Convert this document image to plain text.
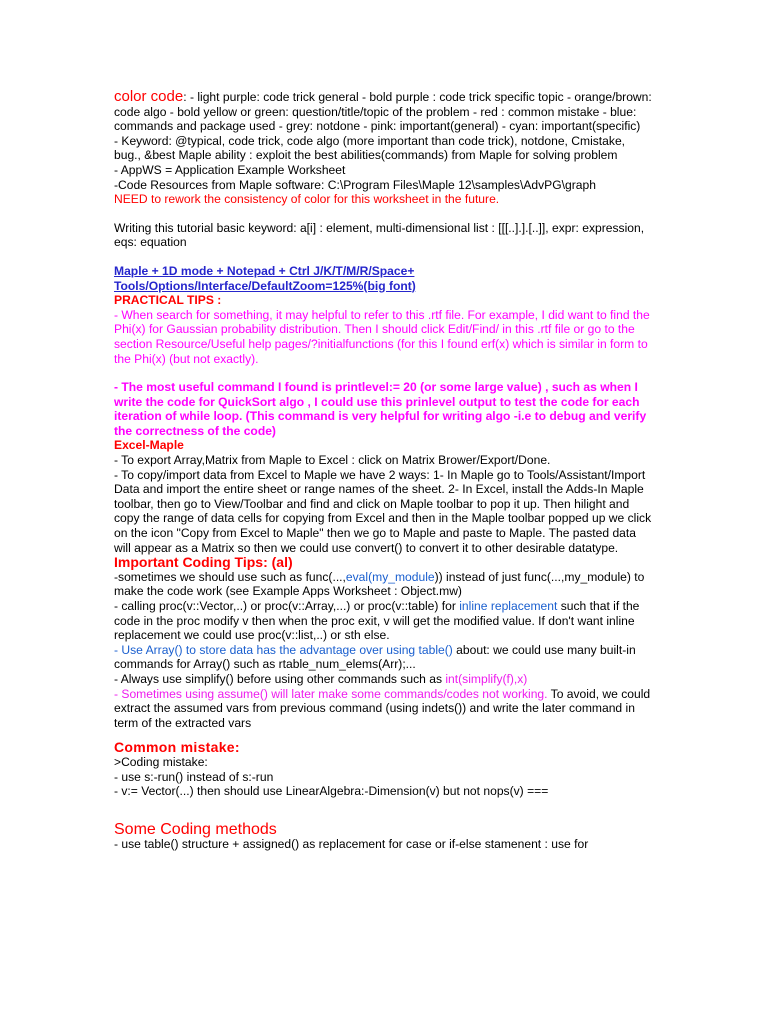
color code: - light purple: code trick general - bold purple : code trick specific topic - orange/brown: code algo - bold yellow or green: question/title/topic of the problem - red : common mistake - blue: commands and package used - grey: notdone - pink: important(general) - cyan: important(specific)

- Keyword: @typical, code trick, code algo (more important than code trick), notdone, Cmistake, bug., &best Maple ability : exploit the best abilities(commands) from Maple for solving problem

- AppWS = Application Example Worksheet

-Code Resources from Maple software: C:\Program Files\Maple 12\samples\AdvPG\graph

NEED to rework the consistency of color for this worksheet in the future.

Writing this tutorial basic keyword: a[i] : element, multi-dimensional list : [[[..].].[..]], expr: expression, eqs: equation

Maple + 1D mode + Notepad + Ctrl J/K/T/M/R/Space+ Tools/Options/Interface/DefaultZoom=125%(big font)

PRACTICAL TIPS :

- When search for something, it may helpful to refer to this .rtf file. For example, I did want to find the Phi(x) for Gaussian probability distribution. Then I should click Edit/Find/ in this .rtf file or go to the section Resource/Useful help pages/?initialfunctions (for this I found erf(x) which is similar in form to the Phi(x) (but not exactly).

- The most useful command I found is printlevel:= 20 (or some large value) , such as when I write the code for QuickSort algo , I could use this prinlevel output to test the code for each iteration of while loop. (This command is very helpful for writing algo -i.e to debug and verify the correctness of the code)

Excel-Maple

- To export Array,Matrix from Maple to Excel : click on Matrix Brower/Export/Done.

- To copy/import data from Excel to Maple we have 2 ways: 1- In Maple go to Tools/Assistant/Import Data and import the entire sheet or range names of the sheet. 2- In Excel, install the Adds-In Maple toolbar, then go to View/Toolbar and find and click on Maple toolbar to pop it up. Then hilight and copy the range of data cells for copying from Excel and then in the Maple toolbar popped up we click on the icon "Copy from Excel to Maple" then we go to Maple and paste to Maple. The pasted data will appear as a Matrix so then we could use convert() to convert it to other desirable datatype.

Important Coding Tips: (al)

-sometimes we should use such as func(...,eval(my_module)) instead of just func(...,my_module) to make the code work (see Example Apps Worksheet : Object.mw)

- calling proc(v::Vector,..) or proc(v::Array,...) or proc(v::table) for inline replacement such that if the code in the proc modify v then when the proc exit, v will get the modified value. If don't want inline replacement we could use proc(v::list,..) or sth else.

- Use Array() to store data has the advantage over using table() about: we could use many built-in commands for Array() such as rtable_num_elems(Arr);...

- Always use simplify() before using other commands such as int(simplify(f),x)

- Sometimes using assume() will later make some commands/codes not working. To avoid, we could extract the assumed vars from previous command (using indets()) and write the later command in term of the extracted vars

Common mistake:

>Coding mistake:

- use s:-run() instead of s:-run

- v:= Vector(...) then should use LinearAlgebra:-Dimension(v) but not nops(v) ===

Some Coding methods

- use table() structure + assigned() as replacement for case or if-else stamenent : use for
